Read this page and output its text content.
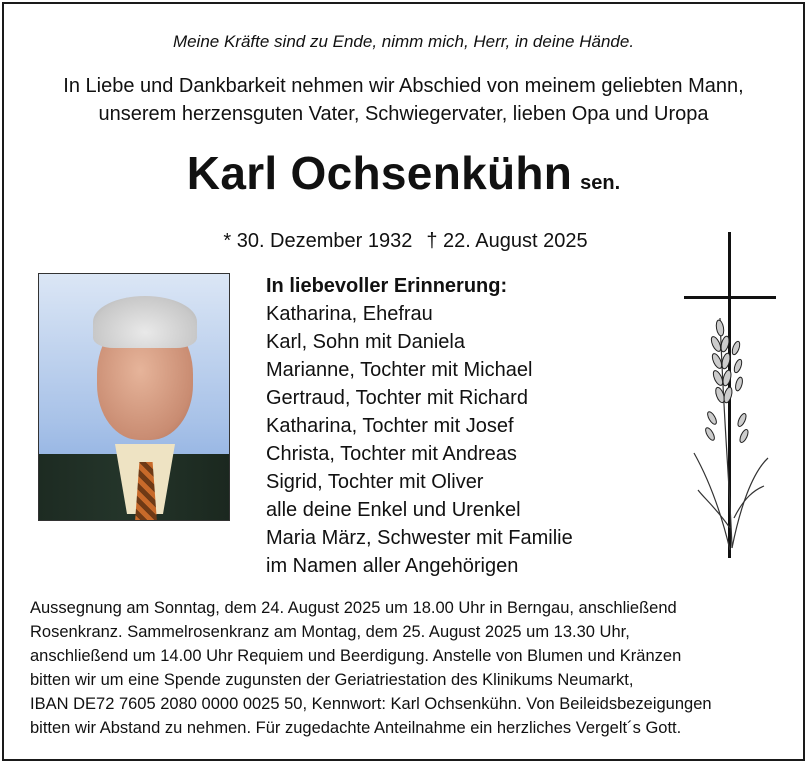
Meine Kräfte sind zu Ende, nimm mich, Herr, in deine Hände.
In Liebe und Dankbarkeit nehmen wir Abschied von meinem geliebten Mann,
unserem herzensguten Vater, Schwiegervater, lieben Opa und Uropa
Karl Ochsenkühn sen.
* 30. Dezember 1932 † 22. August 2025
In liebevoller Erinnerung:
Katharina, Ehefrau
Karl, Sohn mit Daniela
Marianne, Tochter mit Michael
Gertraud, Tochter mit Richard
Katharina, Tochter mit Josef
Christa, Tochter mit Andreas
Sigrid, Tochter mit Oliver
alle deine Enkel und Urenkel
Maria März, Schwester mit Familie
im Namen aller Angehörigen
Aussegnung am Sonntag, dem 24. August 2025 um 18.00 Uhr in Berngau, anschließend
Rosenkranz. Sammelrosenkranz am Montag, dem 25. August 2025 um 13.30 Uhr,
anschließend um 14.00 Uhr Requiem und Beerdigung. Anstelle von Blumen und Kränzen
bitten wir um eine Spende zugunsten der Geriatriestation des Klinikums Neumarkt,
IBAN DE72 7605 2080 0000 0025 50, Kennwort: Karl Ochsenkühn. Von Beileidsbezeigungen
bitten wir Abstand zu nehmen. Für zugedachte Anteilnahme ein herzliches Vergelt´s Gott.
